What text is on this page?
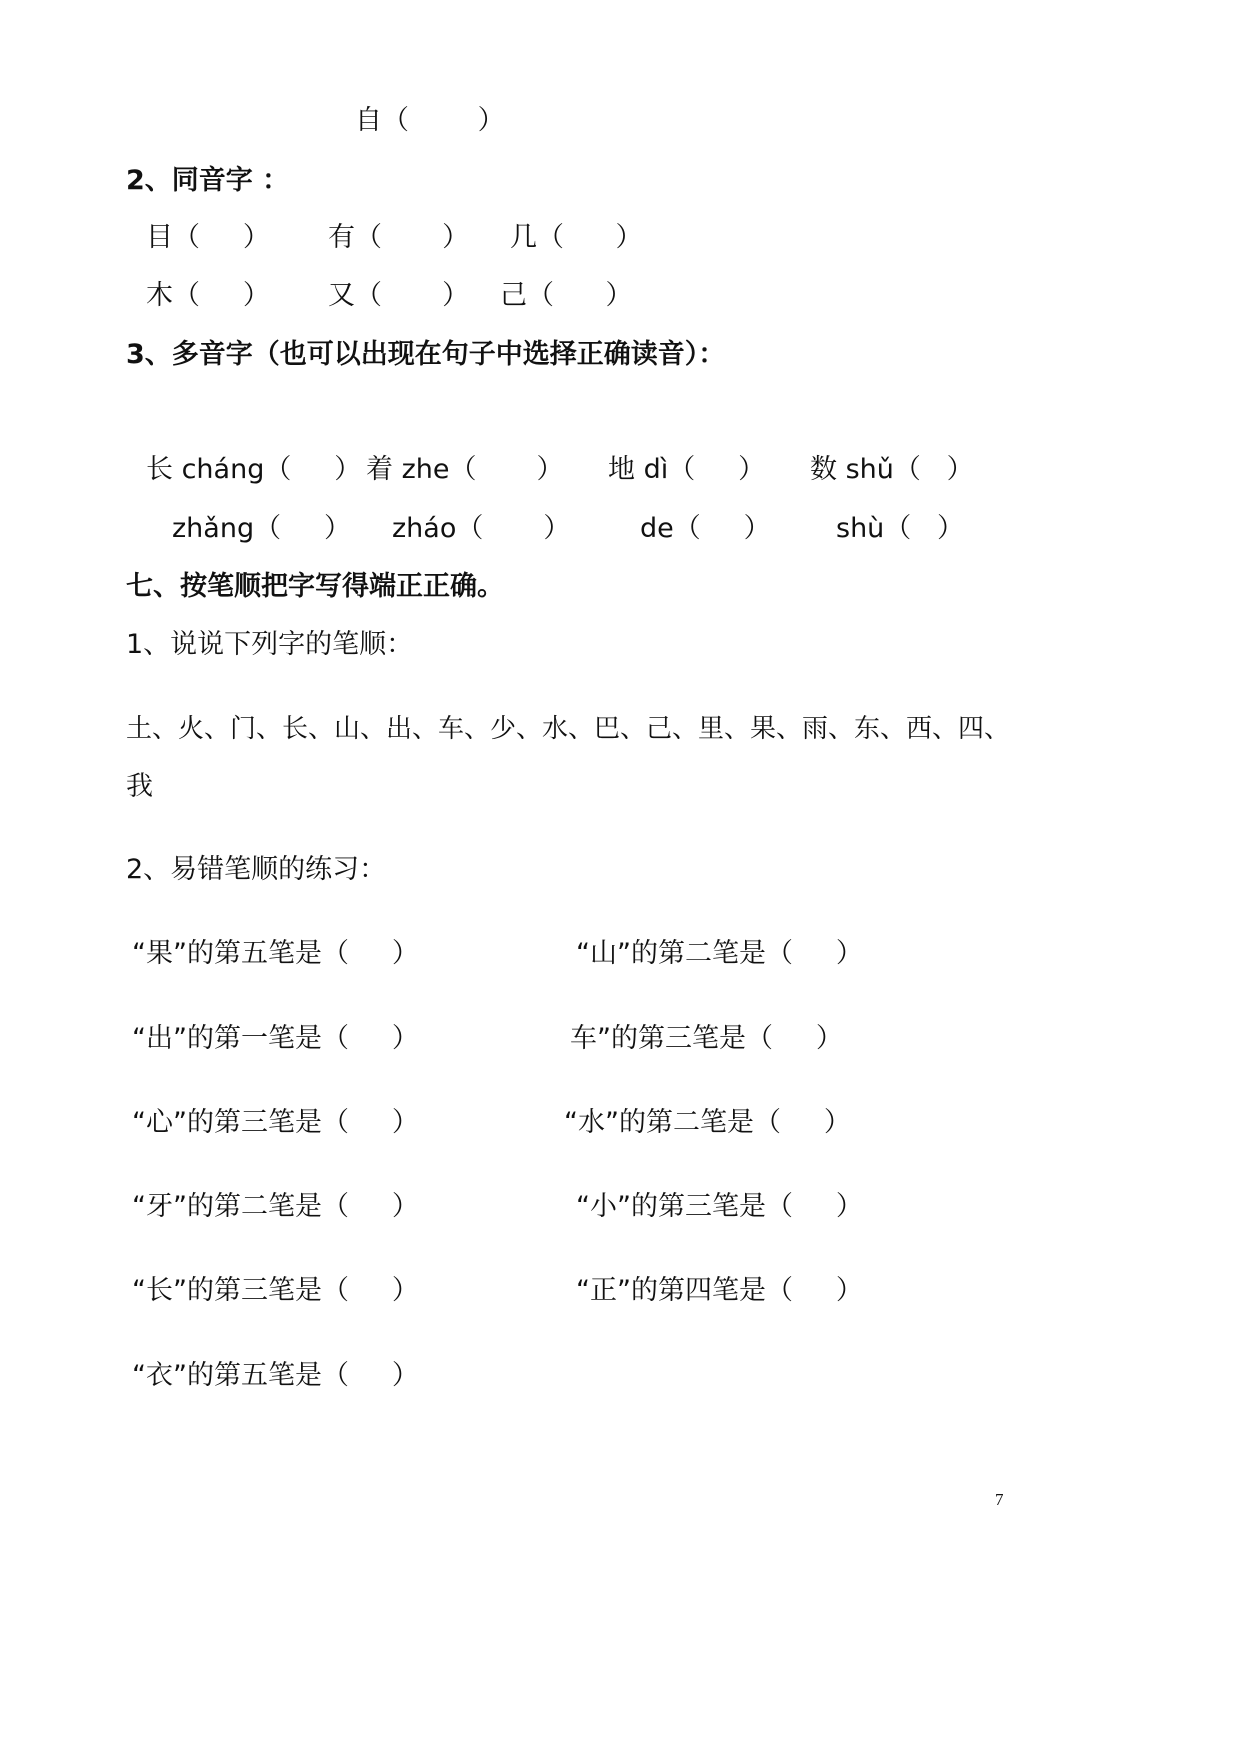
自（        ）
2、同音字 ：
目（     ） 有（       ） 几（      ）
木（     ） 又（       ） 己（      ）
3、多音字（也可以出现在句子中选择正确读音）：
长 cháng（     ） 着 zhe（       ） 地 dì（     ） 数 shǔ（   ）
zhǎng（     ） zháo（       ）	de（     ） shù（   ）
七、按笔顺把字写得端正正确。
1、说说下列字的笔顺：
土、火、门、长、山、出、车、少、水、巴、己、里、果、雨、东、西、四、
我
2、易错笔顺的练习：
“果”的第五笔是（     ）	“山”的第二笔是（     ）
“出”的第一笔是（     ）	车”的第三笔是（     ）
“心”的第三笔是（     ）	“水”的第二笔是（     ）
“牙”的第二笔是（     ）	“小”的第三笔是（     ）
“长”的第三笔是（     ）	“正”的第四笔是（     ）
“衣”的第五笔是（     ）
7
